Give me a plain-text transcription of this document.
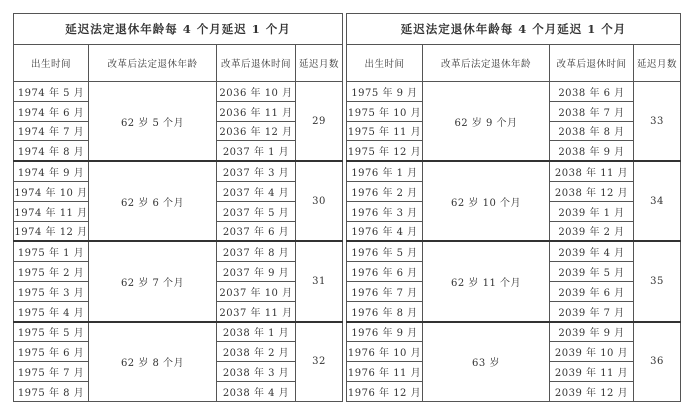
延迟法定退休年龄每 4 个月延迟 1 个月			
出生时间	改革后法定退休年龄	改革后退休时间	延迟月数
1974 年 5 月	62 岁 5 个月	2036 年 10 月	29
1974 年 6 月		2036 年 11 月	
1974 年 7 月		2036 年 12 月	
1974 年 8 月		2037 年 1 月	
1974 年 9 月	62 岁 6 个月	2037 年 3 月	30
1974 年 10 月		2037 年 4 月	
1974 年 11 月		2037 年 5 月	
1974 年 12 月		2037 年 6 月	
1975 年 1 月	62 岁 7 个月	2037 年 8 月	31
1975 年 2 月		2037 年 9 月	
1975 年 3 月		2037 年 10 月	
1975 年 4 月		2037 年 11 月	
1975 年 5 月	62 岁 8 个月	2038 年 1 月	32
1975 年 6 月		2038 年 2 月	
1975 年 7 月		2038 年 3 月	
1975 年 8 月		2038 年 4 月	
延迟法定退休年龄每 4 个月延迟 1 个月			
出生时间	改革后法定退休年龄	改革后退休时间	延迟月数
1975 年 9 月	62 岁 9 个月	2038 年 6 月	33
1975 年 10 月		2038 年 7 月	
1975 年 11 月		2038 年 8 月	
1975 年 12 月		2038 年 9 月	
1976 年 1 月	62 岁 10 个月	2038 年 11 月	34
1976 年 2 月		2038 年 12 月	
1976 年 3 月		2039 年 1 月	
1976 年 4 月		2039 年 2 月	
1976 年 5 月	62 岁 11 个月	2039 年 4 月	35
1976 年 6 月		2039 年 5 月	
1976 年 7 月		2039 年 6 月	
1976 年 8 月		2039 年 7 月	
1976 年 9 月	63 岁	2039 年 9 月	36
1976 年 10 月		2039 年 10 月	
1976 年 11 月		2039 年 11 月	
1976 年 12 月		2039 年 12 月	
